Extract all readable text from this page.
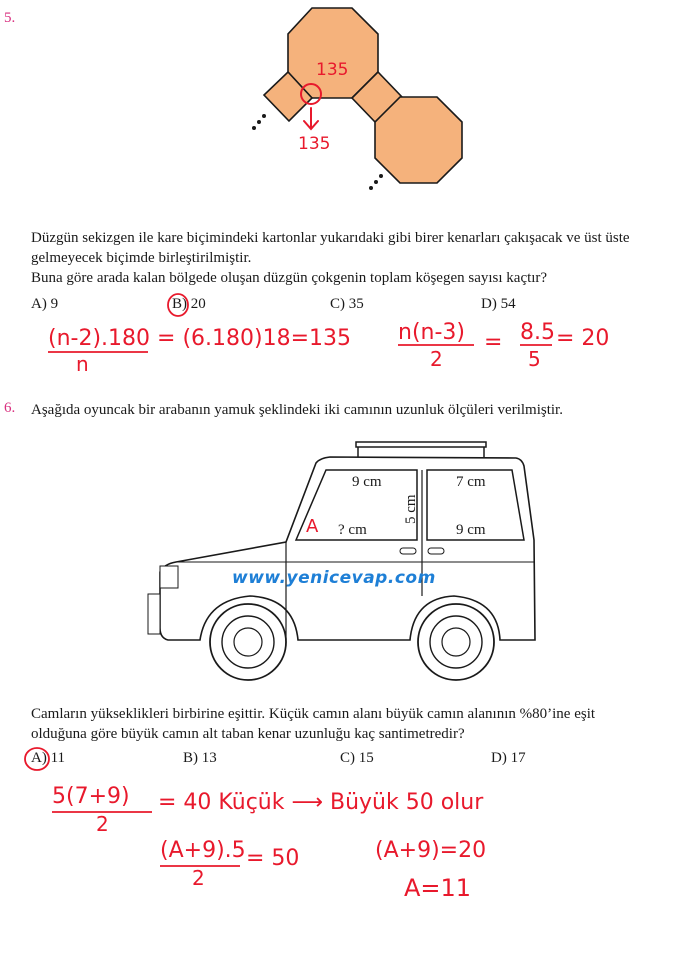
5.
135
135
Düzgün sekizgen ile kare biçimindeki kartonlar yukarıdaki gibi birer kenarları çakışacak ve üst üste
gelmeyecek biçimde birleştirilmiştir.
Buna göre arada kalan bölgede oluşan düzgün çokgenin toplam köşegen sayısı kaçtır?
A) 9	B) 20	C) 35	D) 54
(n-2).180 = (6.180)18=135
n
n(n-3)
2
= 8.5
5
= 20
6. Aşağıda oyuncak bir arabanın yamuk şeklindeki iki camının uzunluk ölçüleri verilmiştir.
9 cm	7 cm
5 cm
? cm	9 cm
A
www.yenicevap.com
Camların yükseklikleri birbirine eşittir. Küçük camın alanı büyük camın alanının %80’ine eşit
olduğuna göre büyük camın alt taban kenar uzunluğu kaç santimetredir?
A) 11	B) 13	C) 15	D) 17
5(7+9)
2
= 40 Küçük ⟶ Büyük 50 olur
(A+9).5
2
= 50	(A+9)=20
A=11
